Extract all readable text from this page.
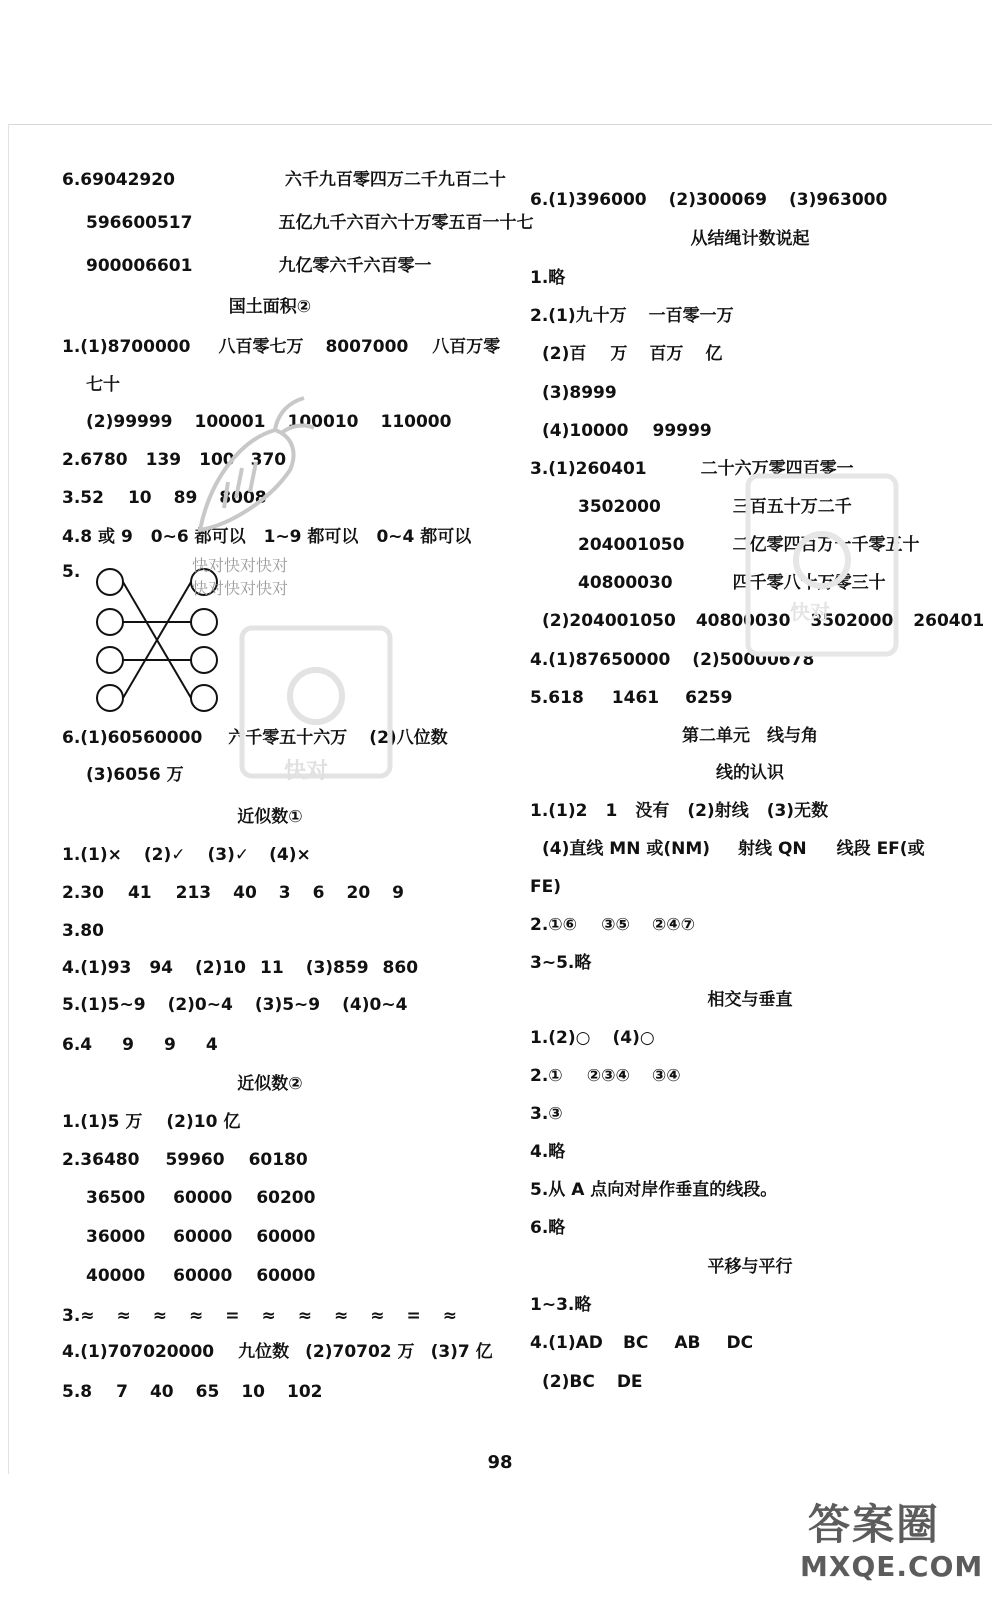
6.69042920	六千九百零四万二千九百二十
596600517	五亿九千六百六十万零五百一十七
900006601	九亿零六千六百零一
1.(1)8700000 八百零七万 8007000 八百万零
七十
(2)99999 100001 100010 110000
2.6780 139 100 370
3.52 10 89 8008
4.8 或 9 0~6 都可以 1~9 都可以 0~4 都可以
5.
6.(1)60560000 六千零五十六万 (2)八位数
(3)6056 万
1.(1)× (2)✓ (3)✓ (4)×
2.30 41 213 40 3 6 20 9
3.80
4.(1)93 94 (2)10 11 (3)859 860
5.(1)5~9 (2)0~4 (3)5~9 (4)0~4
6.4 9 9 4
1.(1)5 万 (2)10 亿
2.36480 59960 60180
36500 60000 60200
36000 60000 60000
40000 60000 60000
3.≈ ≈ ≈ ≈ = ≈ ≈ ≈ ≈ = ≈
4.(1)707020000 九位数 (2)70702 万 (3)7 亿
5.8 7 40 65 10 102
国土面积②
近似数①
近似数②
6.(1)396000 (2)300069 (3)963000
1.略
2.(1)九十万 一百零一万
(2)百 万 百万 亿
(3)8999
(4)10000 99999
3.(1)260401	二十六万零四百零一
3502000	三百五十万二千
204001050	二亿零四百万一千零五十
40800030	四千零八十万零三十
(2)204001050 40800030 3502000 260401
4.(1)87650000 (2)50000678
5.618 1461 6259
1.(1)2 1 没有 (2)射线 (3)无数
(4)直线 MN 或(NM) 射线 QN 线段 EF(或
FE)
2.①⑥ ③⑤ ②④⑦
3~5.略
1.(2)○ (4)○
2.① ②③④ ③④
3.③
4.略
5.从 A 点向对岸作垂直的线段。
6.略
1~3.略
4.(1)AD BC AB DC
(2)BC DE
从结绳计数说起
第二单元　线与角
线的认识
相交与垂直
平移与平行
快对快对快对
快对快对快对
快对
快对
98
答案圈
MXQE.COM
